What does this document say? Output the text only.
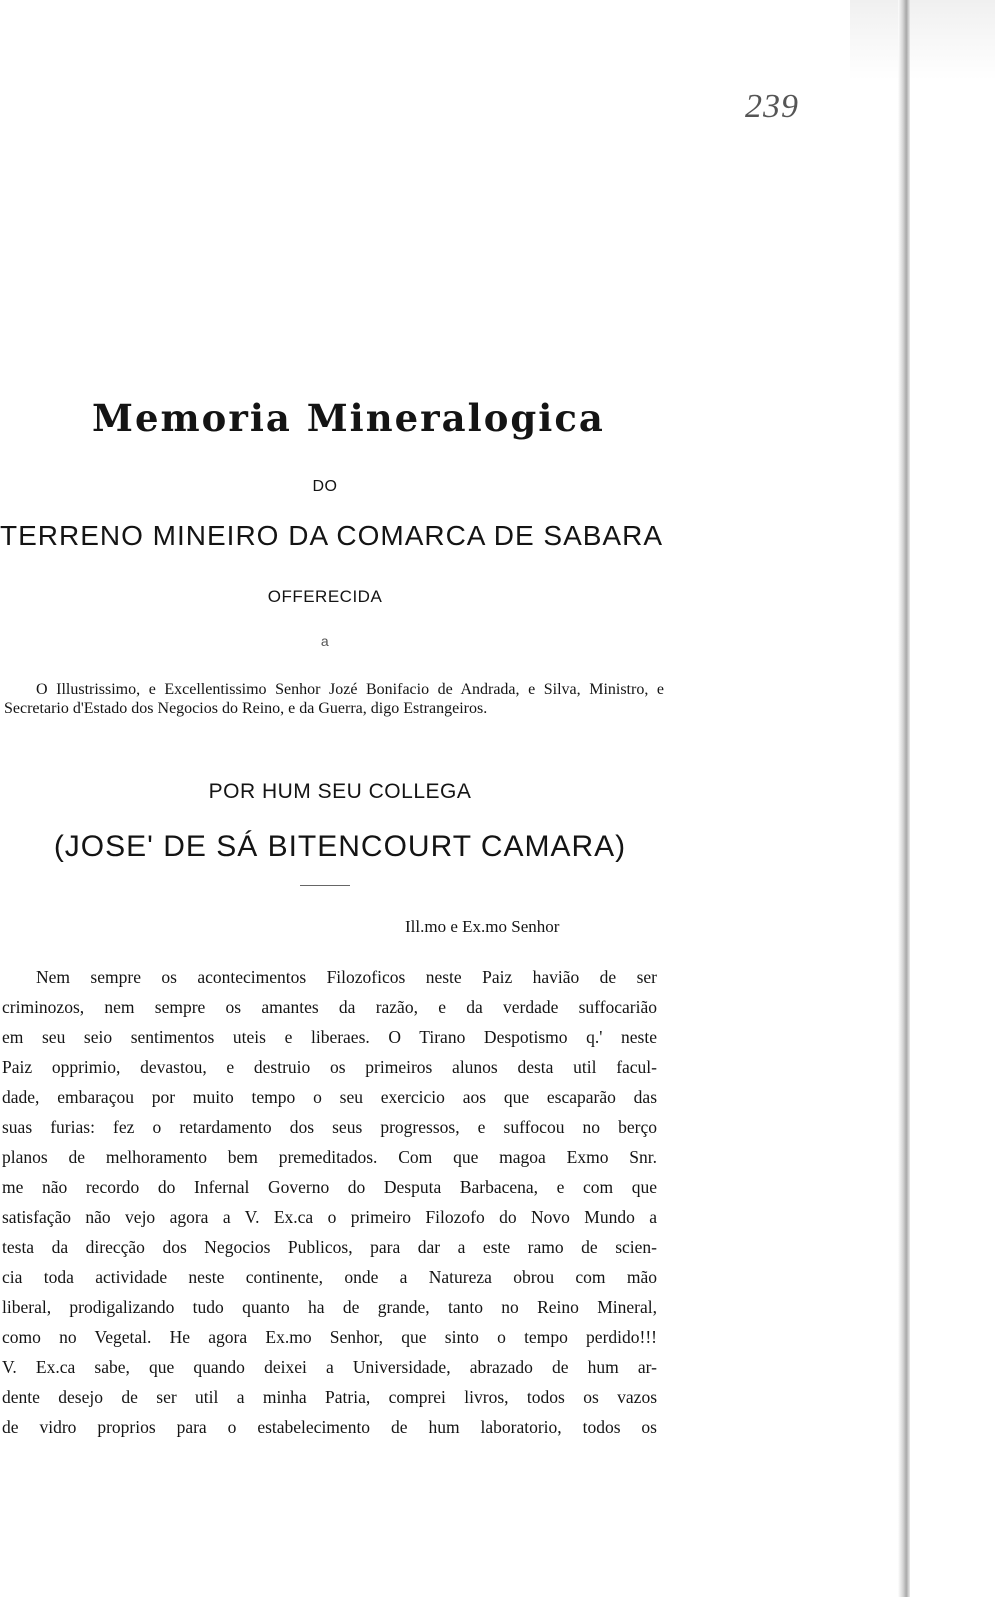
239
Memoria Mineralogica
DO
TERRENO MINEIRO DA COMARCA DE SABARA
OFFERECIDA
a

O Illustrissimo, e Excellentissimo Senhor Jozé Bonifacio de Andrada, e Silva, Ministro, e Secretario d'Estado dos Negocios do Reino, e da Guerra, digo Estrangeiros.

POR HUM SEU COLLEGA
(JOSE' DE SÁ BITENCOURT CAMARA)
Ill.mo e Ex.mo Senhor
Nem sempre os acontecimentos Filozoficos neste Paiz havião de ser
criminozos, nem sempre os amantes da razão, e da verdade suffocarião
em seu seio sentimentos uteis e liberaes. O Tirano Despotismo q.' neste
Paiz opprimio, devastou, e destruio os primeiros alunos desta util facul-
dade, embaraçou por muito tempo o seu exercicio aos que escaparão das
suas furias: fez o retardamento dos seus progressos, e suffocou no berço
planos de melhoramento bem premeditados. Com que magoa Exmo Snr.
me não recordo do Infernal Governo do Desputa Barbacena, e com que
satisfação não vejo agora a V. Ex.ca o primeiro Filozofo do Novo Mundo a
testa da direcção dos Negocios Publicos, para dar a este ramo de scien-
cia toda actividade neste continente, onde a Natureza obrou com mão
liberal, prodigalizando tudo quanto ha de grande, tanto no Reino Mineral,
como no Vegetal. He agora Ex.mo Senhor, que sinto o tempo perdido!!!
V. Ex.ca sabe, que quando deixei a Universidade, abrazado de hum ar-
dente desejo de ser util a minha Patria, comprei livros, todos os vazos
de vidro proprios para o estabelecimento de hum laboratorio, todos os
